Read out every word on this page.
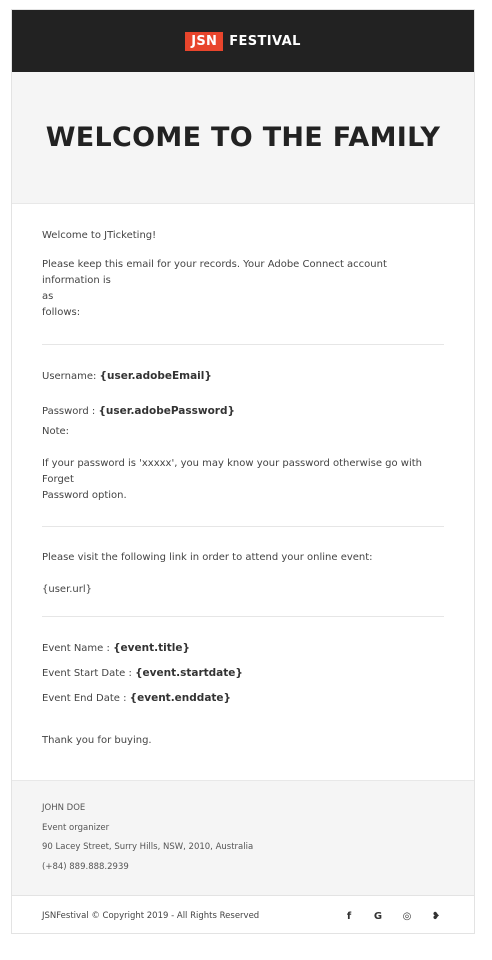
JSN FESTIVAL
WELCOME TO THE FAMILY

Welcome to JTicketing!

Please keep this email for your records. Your Adobe Connect account information is

as

follows:

Username: {user.adobeEmail}

Password : {user.adobePassword}

Note:

If your password is 'xxxxx', you may know your password otherwise go with Forget

Password option.

Please visit the following link in order to attend your online event:

{user.url}

Event Name : {event.title}

Event Start Date : {event.startdate}

Event End Date : {event.enddate}

Thank you for buying.

JOHN DOE
Event organizer
90 Lacey Street, Surry Hills, NSW, 2010, Australia
(+84) 889.888.2939
JSNFestival © Copyright 2019 - All Rights Reserved	f	G ◎ ❥
